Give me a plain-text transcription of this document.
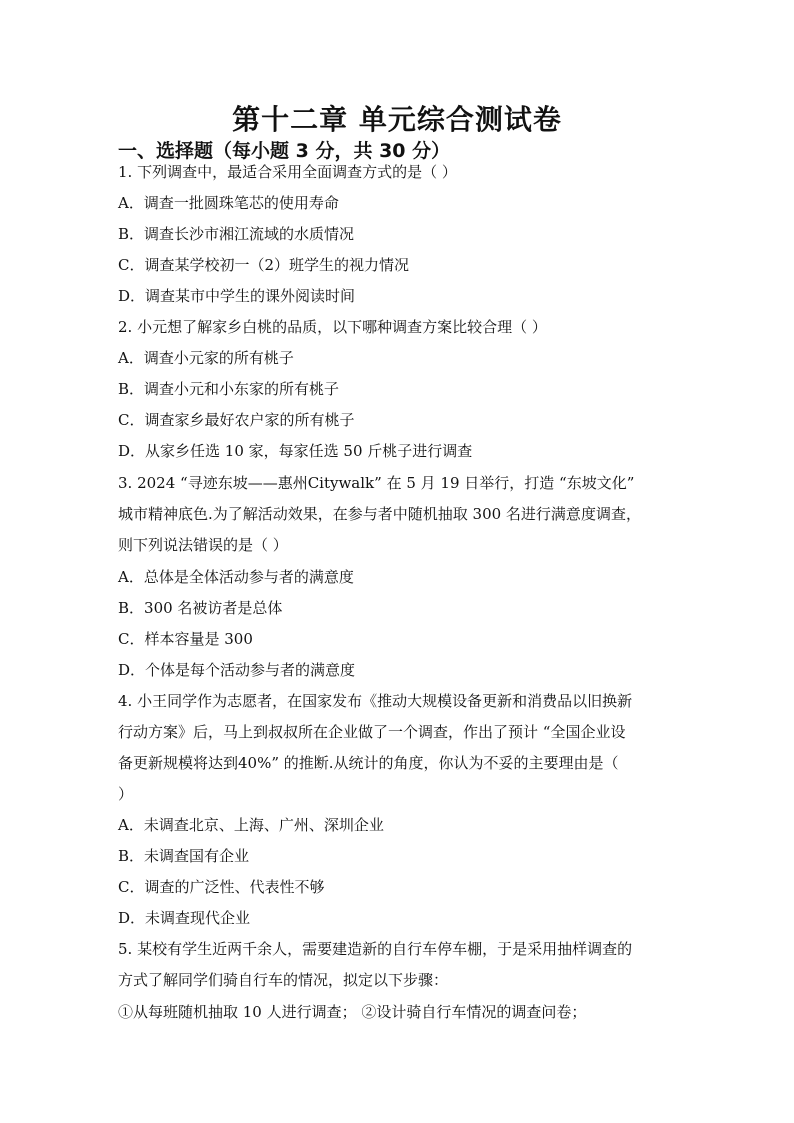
第十二章 单元综合测试卷
一、选择题（每小题 3 分，共 30 分）
1. 下列调查中，最适合采用全面调查方式的是（ ）
A．调查一批圆珠笔芯的使用寿命
B．调查长沙市湘江流域的水质情况
C．调查某学校初一（2）班学生的视力情况
D．调查某市中学生的课外阅读时间
2. 小元想了解家乡白桃的品质，以下哪种调查方案比较合理（ ）
A．调查小元家的所有桃子
B．调查小元和小东家的所有桃子
C．调查家乡最好农户家的所有桃子
D．从家乡任选 10 家，每家任选 50 斤桃子进行调查
3. 2024 “寻迹东坡——惠州Citywalk” 在 5 月 19 日举行，打造 “东坡文化”
城市精神底色.为了解活动效果，在参与者中随机抽取 300 名进行满意度调查，
则下列说法错误的是（ ）
A．总体是全体活动参与者的满意度
B．300 名被访者是总体
C．样本容量是 300
D．个体是每个活动参与者的满意度
4. 小王同学作为志愿者，在国家发布《推动大规模设备更新和消费品以旧换新
行动方案》后，马上到叔叔所在企业做了一个调查，作出了预计 “全国企业设
备更新规模将达到40%” 的推断.从统计的角度，你认为不妥的主要理由是（
）
A．未调查北京、上海、广州、深圳企业
B．未调查国有企业
C．调查的广泛性、代表性不够
D．未调查现代企业
5. 某校有学生近两千余人，需要建造新的自行车停车棚，于是采用抽样调查的
方式了解同学们骑自行车的情况，拟定以下步骤：
①从每班随机抽取 10 人进行调查； ②设计骑自行车情况的调查问卷；
